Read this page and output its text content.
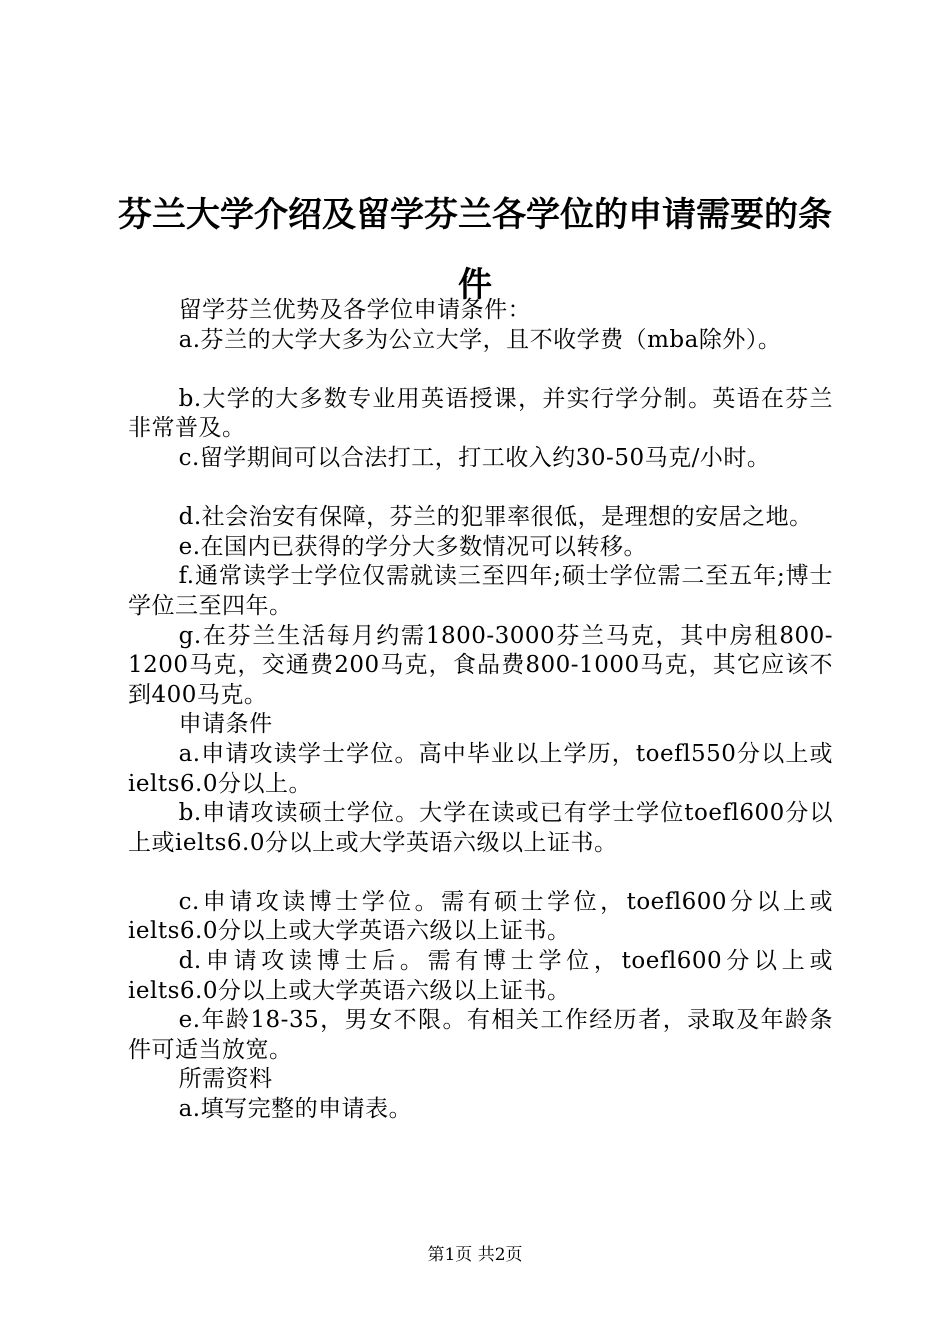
芬兰大学介绍及留学芬兰各学位的申请需要的条件

留学芬兰优势及各学位申请条件：

a.芬兰的大学大多为公立大学，且不收学费（mba除外）。

b.大学的大多数专业用英语授课，并实行学分制。英语在芬兰非常普及。

c.留学期间可以合法打工，打工收入约30-50马克/小时。

d.社会治安有保障，芬兰的犯罪率很低，是理想的安居之地。

e.在国内已获得的学分大多数情况可以转移。

f.通常读学士学位仅需就读三至四年;硕士学位需二至五年;博士学位三至四年。

g.在芬兰生活每月约需1800-3000芬兰马克，其中房租800-1200马克，交通费200马克，食品费800-1000马克，其它应该不到400马克。

申请条件

a.申请攻读学士学位。高中毕业以上学历，toefl550分以上或ielts6.0分以上。

b.申请攻读硕士学位。大学在读或已有学士学位toefl600分以上或ielts6.0分以上或大学英语六级以上证书。

c.申请攻读博士学位。需有硕士学位，toefl600分以上或ielts6.0分以上或大学英语六级以上证书。

d.申请攻读博士后。需有博士学位，toefl600分以上或ielts6.0分以上或大学英语六级以上证书。

e.年龄18-35，男女不限。有相关工作经历者，录取及年龄条件可适当放宽。

所需资料

a.填写完整的申请表。

第1页 共2页
